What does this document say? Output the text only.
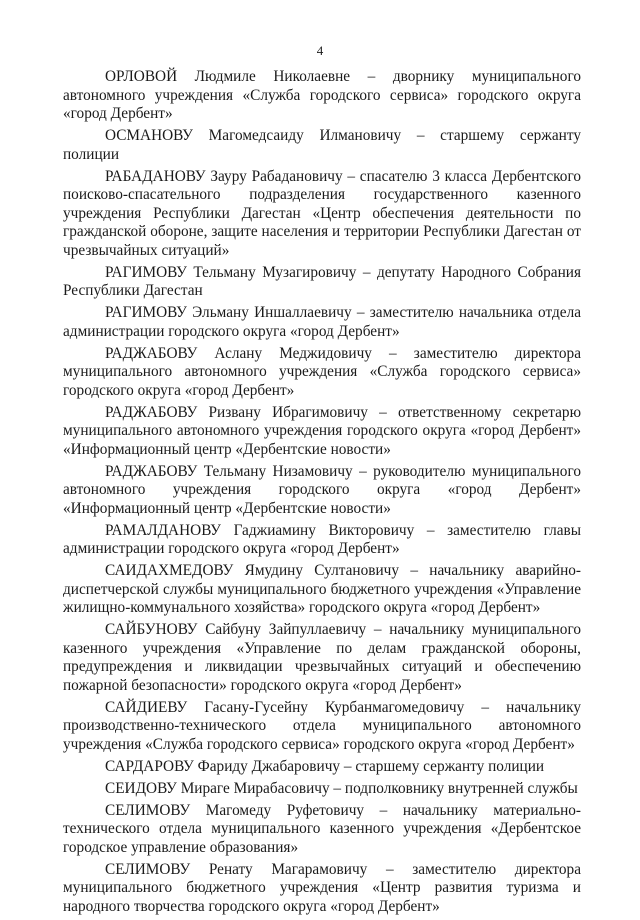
4

ОРЛОВОЙ Людмиле Николаевне – дворнику муниципального автономного учреждения «Служба городского сервиса» городского округа «город Дербент»

ОСМАНОВУ Магомедсаиду Илмановичу – старшему сержанту полиции

РАБАДАНОВУ Зауру Рабадановичу – спасателю 3 класса Дербентского поисково-спасательного подразделения государственного казенного учреждения Республики Дагестан «Центр обеспечения деятельности по гражданской обороне, защите населения и территории Республики Дагестан от чрезвычайных ситуаций»

РАГИМОВУ Тельману Музагировичу – депутату Народного Собрания Республики Дагестан

РАГИМОВУ Эльману Иншаллаевичу – заместителю начальника отдела администрации городского округа «город Дербент»

РАДЖАБОВУ Аслану Меджидовичу – заместителю директора муниципального автономного учреждения «Служба городского сервиса» городского округа «город Дербент»

РАДЖАБОВУ Ризвану Ибрагимовичу – ответственному секретарю муниципального автономного учреждения городского округа «город Дербент» «Информационный центр «Дербентские новости»

РАДЖАБОВУ Тельману Низамовичу – руководителю муниципального автономного учреждения городского округа «город Дербент» «Информационный центр «Дербентские новости»

РАМАЛДАНОВУ Гаджиамину Викторовичу – заместителю главы администрации городского округа «город Дербент»

САИДАХМЕДОВУ Ямудину Султановичу – начальнику аварийно-диспетчерской службы муниципального бюджетного учреждения «Управление жилищно-коммунального хозяйства» городского округа «город Дербент»

САЙБУНОВУ Сайбуну Зайпуллаевичу – начальнику муниципального казенного учреждения «Управление по делам гражданской обороны, предупреждения и ликвидации чрезвычайных ситуаций и обеспечению пожарной безопасности» городского округа «город Дербент»

САЙДИЕВУ Гасану-Гусейну Курбанмагомедовичу – начальнику производственно-технического отдела муниципального автономного учреждения «Служба городского сервиса» городского округа «город Дербент»

САРДАРОВУ Фариду Джабаровичу – старшему сержанту полиции

СЕИДОВУ Мираге Мирабасовичу – подполковнику внутренней службы

СЕЛИМОВУ Магомеду Руфетовичу – начальнику материально-технического отдела муниципального казенного учреждения «Дербентское городское управление образования»

СЕЛИМОВУ Ренату Магарамовичу – заместителю директора муниципального бюджетного учреждения «Центр развития туризма и народного творчества городского округа «город Дербент»
